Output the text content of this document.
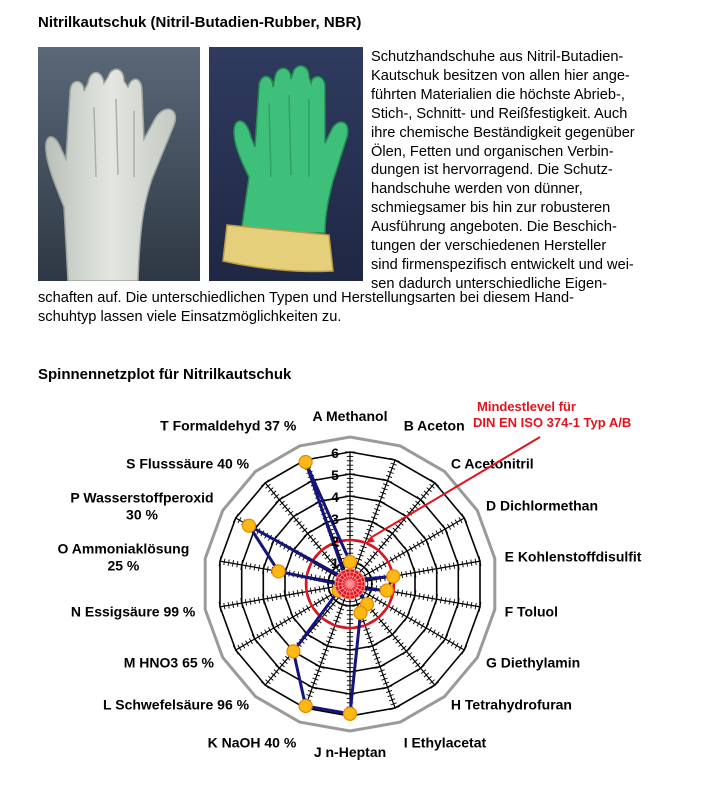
Nitrilkautschuk (Nitril-Butadien-Rubber, NBR)
Schutzhandschuhe aus Nitril-Butadien-
Kautschuk besitzen von allen hier ange-
führten Materialien die höchste Abrieb-,
Stich-, Schnitt- und Reißfestigkeit. Auch
ihre chemische Beständigkeit gegenüber
Ölen, Fetten und organischen Verbin-
dungen ist hervorragend. Die Schutz-
handschuhe werden von dünner,
schmiegsamer bis hin zur robusteren
Ausführung angeboten. Die Beschich-
tungen der verschiedenen Hersteller
sind firmenspezifisch entwickelt und wei-
sen dadurch unterschiedliche Eigen-
schaften auf. Die unterschiedlichen Typen und Herstellungsarten bei diesem Hand-
schuhtyp lassen viele Einsatzmöglichkeiten zu.
Spinnennetzplot für Nitrilkautschuk
A Methanol
B Aceton
C Acetonitril
D Dichlormethan
E Kohlenstoffdisulfit
F Toluol
G Diethylamin
H Tetrahydrofuran
I Ethylacetat
J n-Heptan
K NaOH 40 %
L Schwefelsäure 96 %
M HNO3 65 %
N Essigsäure 99 %
O Ammoniaklösung 25 %
P Wasserstoffperoxid 30 %
S Flusssäure 40 %
T Formaldehyd 37 %
1
2
3
4
5
6
Mindestlevel für DIN EN ISO 374-1 Typ A/B
